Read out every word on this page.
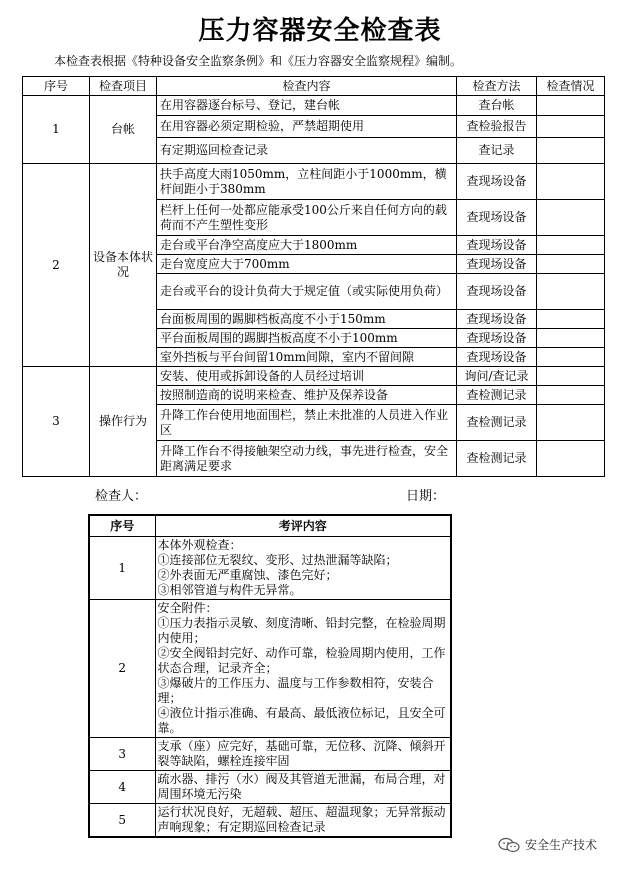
压力容器安全检查表
本检查表根据《特种设备安全监察条例》和《压力容器安全监察规程》编制。
序号	检查项目	检查内容	检查方法	检查情况
1	台帐	在用容器逐台标号、登记，建台帐	查台帐	
		在用容器必须定期检验，严禁超期使用	查检验报告	
		有定期巡回检查记录	查记录	
2	设备本体状况	扶手高度大雨1050mm，立柱间距小于1000mm，横杆间距小于380mm	查现场设备	
		栏杆上任何一处都应能承受100公斤来自任何方向的载荷而不产生塑性变形	查现场设备	
		走台或平台净空高度应大于1800mm	查现场设备	
		走台宽度应大于700mm	查现场设备	
		走台或平台的设计负荷大于规定值（或实际使用负荷）	查现场设备	
		台面板周围的踢脚档板高度不小于150mm	查现场设备	
		平台面板周围的踢脚挡板高度不小于100mm	查现场设备	
		室外挡板与平台间留10mm间隙，室内不留间隙	查现场设备	
3	操作行为	安装、使用或拆卸设备的人员经过培训	询问/查记录	
		按照制造商的说明来检查、维护及保养设备	查检测记录	
		升降工作台使用地面围栏，禁止未批准的人员进入作业区	查检测记录	
		升降工作台不得接触架空动力线，事先进行检查，安全距离满足要求	查检测记录	
检查人：	日期：
序号	考评内容
1	本体外观检查：
①连接部位无裂纹、变形、过热泄漏等缺陷；
②外表面无严重腐蚀、漆色完好；
③相邻管道与构件无异常。

2	安全附件：
①压力表指示灵敏、刻度清晰、铅封完整，在检验周期内使用；
②安全阀铅封完好、动作可靠，检验周期内使用，工作状态合理，记录齐全；
③爆破片的工作压力、温度与工作参数相符，安装合理；
④液位计指示准确、有最高、最低液位标记，且安全可靠。

3	支承（座）应完好，基础可靠，无位移、沉降、倾斜开裂等缺陷，螺栓连接牢固

4	疏水器、排污（水）阀及其管道无泄漏，布局合理，对周围环境无污染

5	运行状况良好，无超载、超压、超温现象；无异常振动声响现象；有定期巡回检查记录
安全生产技术
